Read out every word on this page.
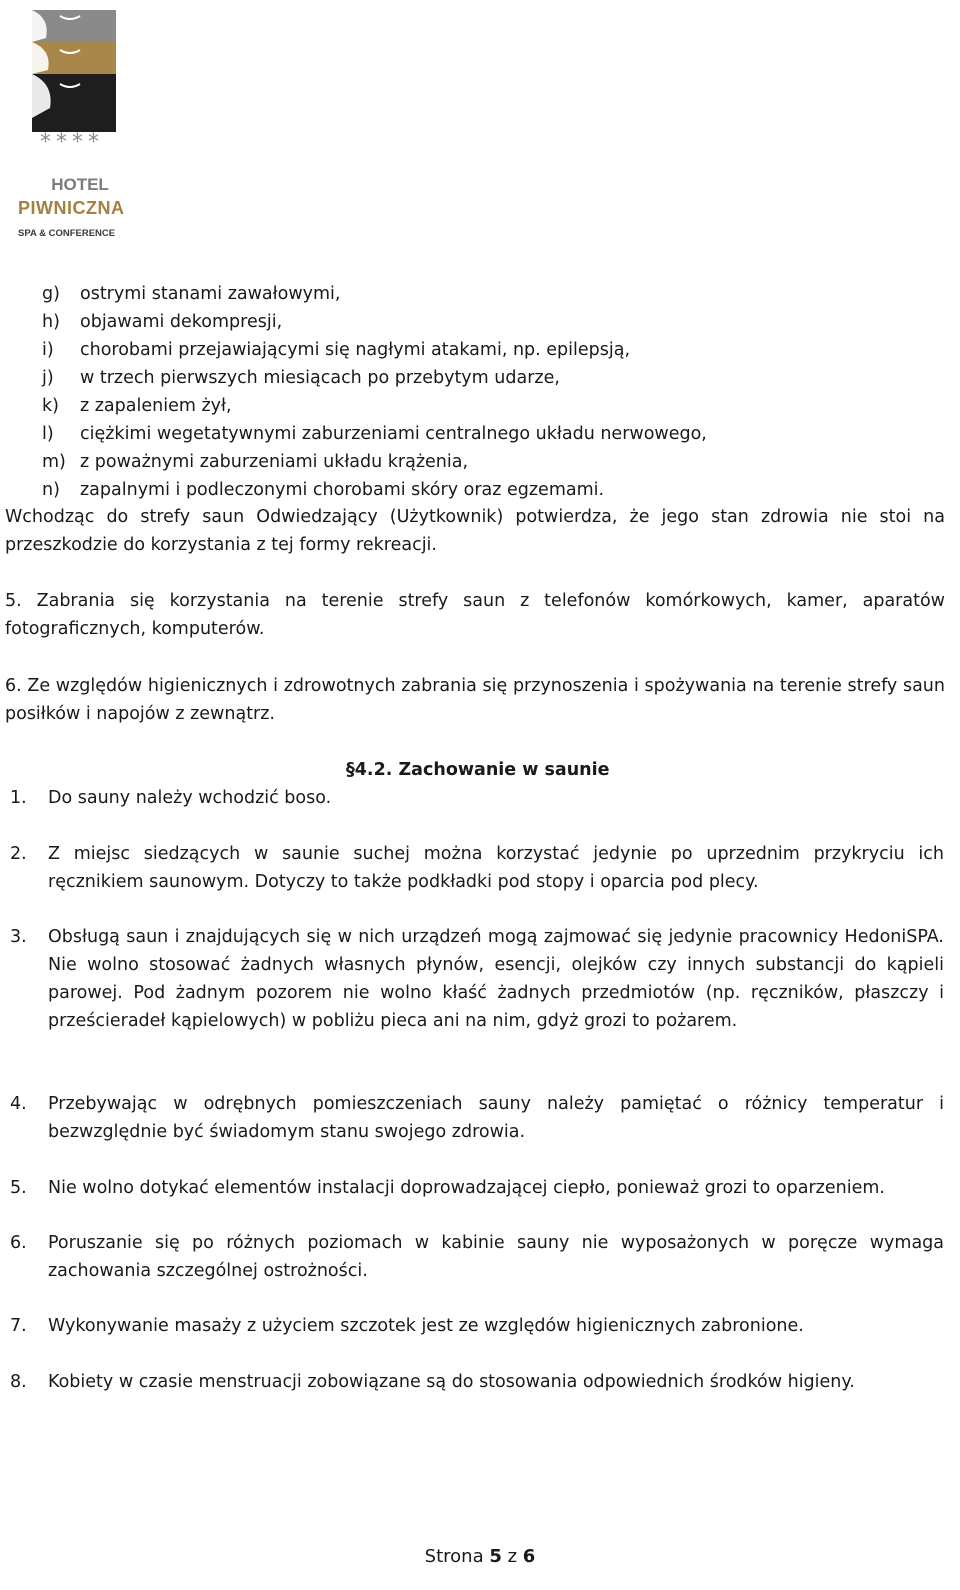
****
HOTEL
PIWNICZNA
SPA & CONFERENCE
g) ostrymi stanami zawałowymi,
h) objawami dekompresji,
i) chorobami przejawiającymi się nagłymi atakami, np. epilepsją,
j) w trzech pierwszych miesiącach po przebytym udarze,
k) z zapaleniem żył,
l) ciężkimi wegetatywnymi zaburzeniami centralnego układu nerwowego,
m) z poważnymi zaburzeniami układu krążenia,
n) zapalnymi i podleczonymi chorobami skóry oraz egzemami.
Wchodząc do strefy saun Odwiedzający (Użytkownik) potwierdza, że jego stan zdrowia nie stoi na przeszkodzie do korzystania z tej formy rekreacji.
5. Zabrania się korzystania na terenie strefy saun z telefonów komórkowych, kamer, aparatów fotograficznych, komputerów.
6. Ze względów higienicznych i zdrowotnych zabrania się przynoszenia i spożywania na terenie strefy saun posiłków i napojów z zewnątrz.
§4.2. Zachowanie w saunie
1. Do sauny należy wchodzić boso.
2. Z miejsc siedzących w saunie suchej można korzystać jedynie po uprzednim przykryciu ich ręcznikiem saunowym. Dotyczy to także podkładki pod stopy i oparcia pod plecy.
3. Obsługą saun i znajdujących się w nich urządzeń mogą zajmować się jedynie pracownicy HedoniSPA. Nie wolno stosować żadnych własnych płynów, esencji, olejków czy innych substancji do kąpieli parowej. Pod żadnym pozorem nie wolno kłaść żadnych przedmiotów (np. ręczników, płaszczy i prześcieradeł kąpielowych) w pobliżu pieca ani na nim, gdyż grozi to pożarem.
4. Przebywając w odrębnych pomieszczeniach sauny należy pamiętać o różnicy temperatur i bezwzględnie być świadomym stanu swojego zdrowia.
5. Nie wolno dotykać elementów instalacji doprowadzającej ciepło, ponieważ grozi to oparzeniem.
6. Poruszanie się po różnych poziomach w kabinie sauny nie wyposażonych w poręcze wymaga zachowania szczególnej ostrożności.
7. Wykonywanie masaży z użyciem szczotek jest ze względów higienicznych zabronione.
8. Kobiety w czasie menstruacji zobowiązane są do stosowania odpowiednich środków higieny.
Strona 5 z 6
